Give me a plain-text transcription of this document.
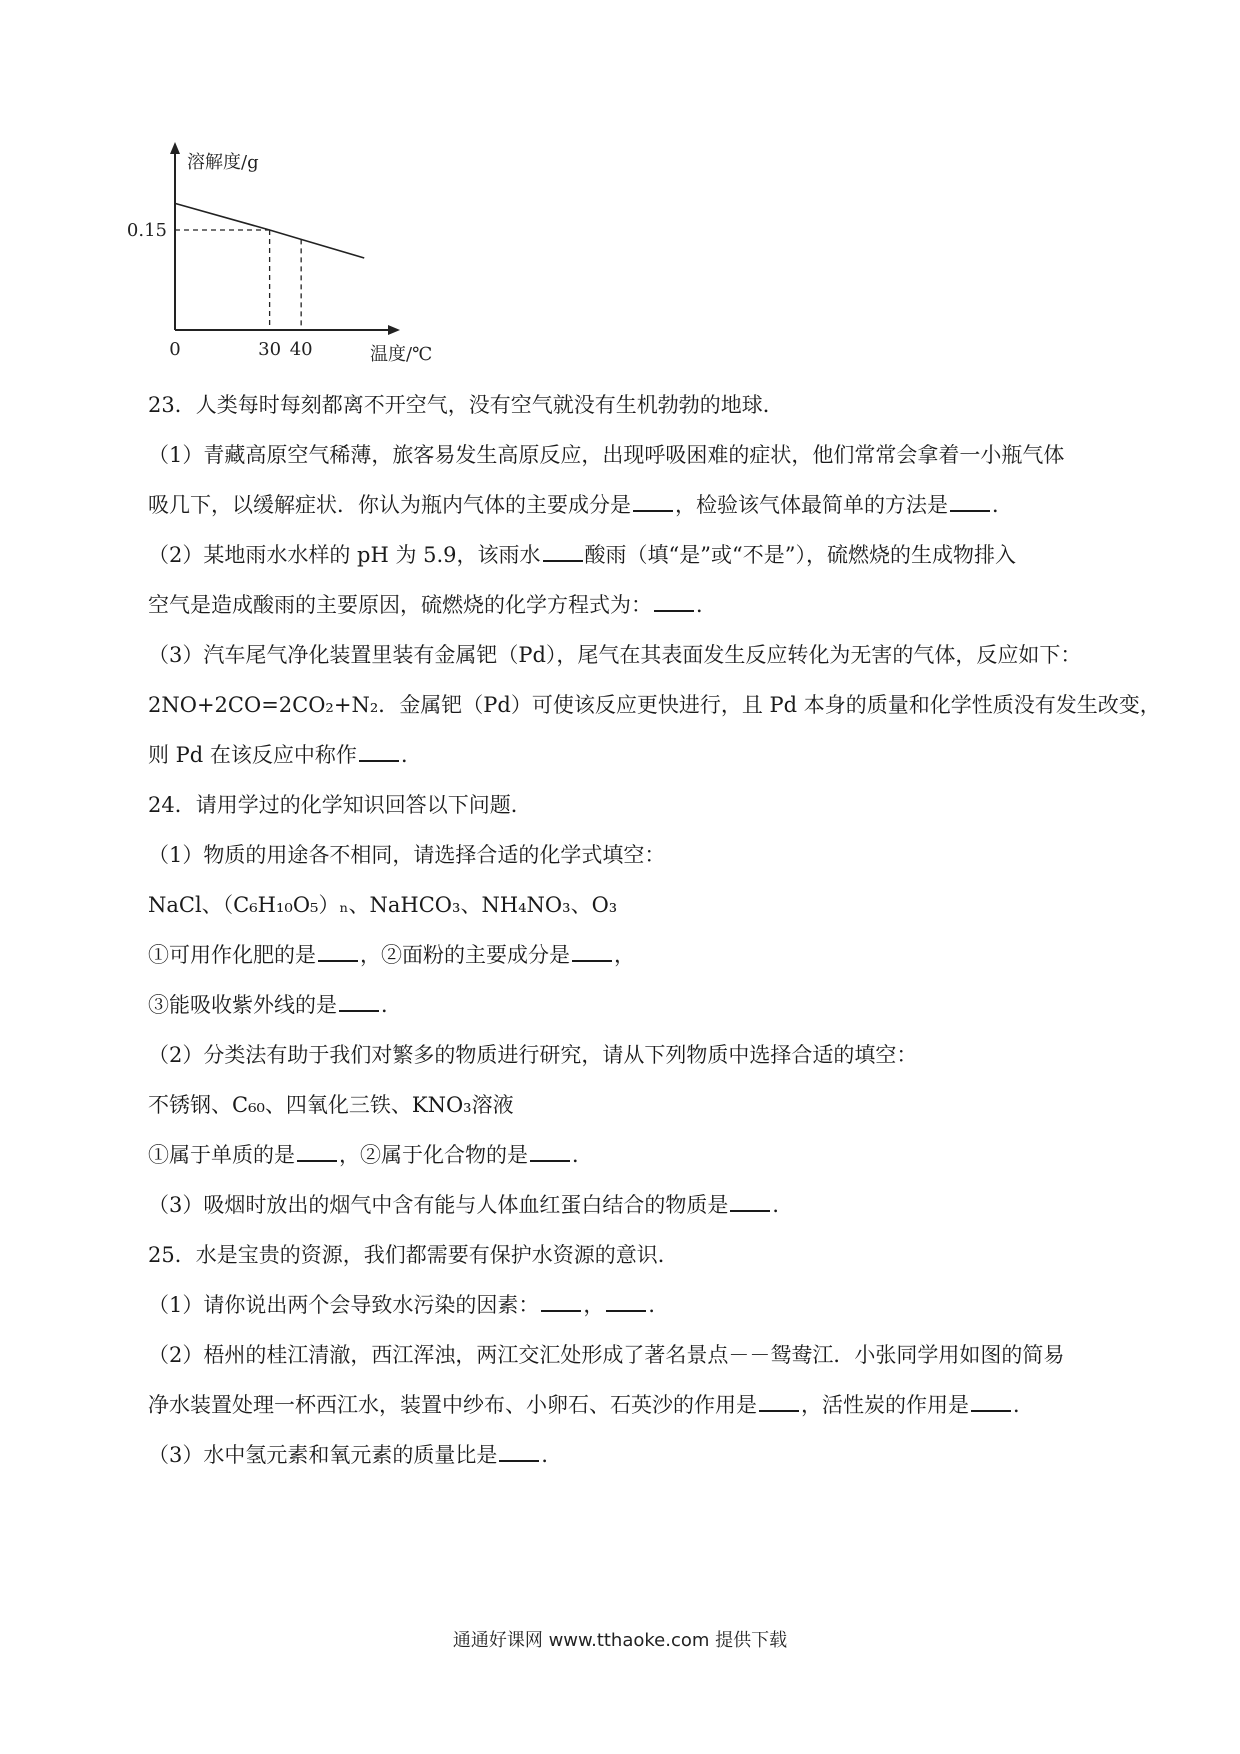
溶解度/g
0.15
0	30 40	温度/℃
23．人类每时每刻都离不开空气，没有空气就没有生机勃勃的地球．
（1）青藏高原空气稀薄，旅客易发生高原反应，出现呼吸困难的症状，他们常常会拿着一小瓶气体
吸几下，以缓解症状．你认为瓶内气体的主要成分是 ，检验该气体最简单的方法是 ．
（2）某地雨水水样的 pH 为 5.9，该雨水 酸雨（填“是”或“不是”），硫燃烧的生成物排入
空气是造成酸雨的主要原因，硫燃烧的化学方程式为： ．
（3）汽车尾气净化装置里装有金属钯（Pd），尾气在其表面发生反应转化为无害的气体，反应如下：
2NO+2CO=2CO₂+N₂．金属钯（Pd）可使该反应更快进行，且 Pd 本身的质量和化学性质没有发生改变，
则 Pd 在该反应中称作 ．
24．请用学过的化学知识回答以下问题．
（1）物质的用途各不相同，请选择合适的化学式填空：
NaCl、（C₆H₁₀O₅）ₙ、NaHCO₃、NH₄NO₃、O₃
①可用作化肥的是 ，②面粉的主要成分是 ，
③能吸收紫外线的是 ．
（2）分类法有助于我们对繁多的物质进行研究，请从下列物质中选择合适的填空：
不锈钢、C₆₀、四氧化三铁、KNO₃溶液
①属于单质的是 ，②属于化合物的是 ．
（3）吸烟时放出的烟气中含有能与人体血红蛋白结合的物质是 ．
25．水是宝贵的资源，我们都需要有保护水资源的意识．
（1）请你说出两个会导致水污染的因素： ， ．
（2）梧州的桂江清澈，西江浑浊，两江交汇处形成了著名景点－－鸳鸯江．小张同学用如图的简易
净水装置处理一杯西江水，装置中纱布、小卵石、石英沙的作用是 ，活性炭的作用是 ．
（3）水中氢元素和氧元素的质量比是 ．
通通好课网 www.tthaoke.com 提供下载
